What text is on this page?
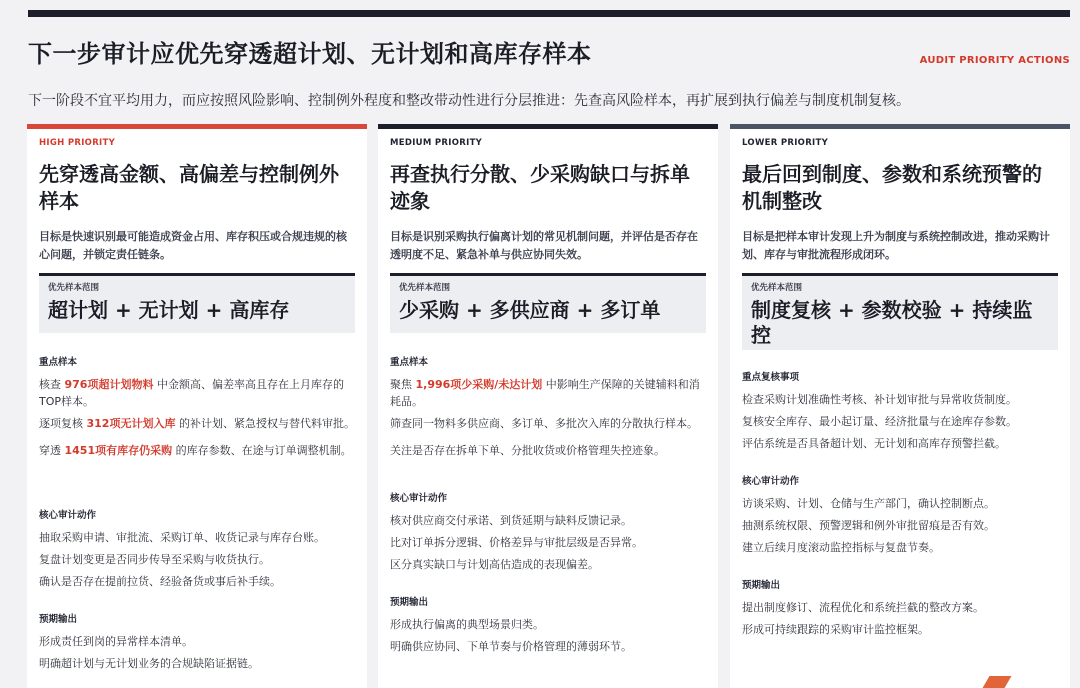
下一步审计应优先穿透超计划、无计划和高库存样本	AUDIT PRIORITY ACTIONS
下一阶段不宜平均用力，而应按照风险影响、控制例外程度和整改带动性进行分层推进：先查高风险样本，再扩展到执行偏差与制度机制复核。
HIGH PRIORITY
先穿透高金额、高偏差与控制例外样本
目标是快速识别最可能造成资金占用、库存积压或合规违规的核心问题，并锁定责任链条。
优先样本范围
超计划 + 无计划 + 高库存
重点样本
核查 976项超计划物料 中金额高、偏差率高且存在上月库存的TOP样本。
逐项复核 312项无计划入库 的补计划、紧急授权与替代料审批。
穿透 1451项有库存仍采购 的库存参数、在途与订单调整机制。
核心审计动作
抽取采购申请、审批流、采购订单、收货记录与库存台账。
复盘计划变更是否同步传导至采购与收货执行。
确认是否存在提前拉货、经验备货或事后补手续。
预期输出
形成责任到岗的异常样本清单。
明确超计划与无计划业务的合规缺陷证据链。
MEDIUM PRIORITY
再查执行分散、少采购缺口与拆单迹象
目标是识别采购执行偏离计划的常见机制问题，并评估是否存在透明度不足、紧急补单与供应协同失效。
优先样本范围
少采购 + 多供应商 + 多订单
重点样本
聚焦 1,996项少采购/未达计划 中影响生产保障的关键辅料和消耗品。
筛查同一物料多供应商、多订单、多批次入库的分散执行样本。
关注是否存在拆单下单、分批收货或价格管理失控迹象。
核心审计动作
核对供应商交付承诺、到货延期与缺料反馈记录。
比对订单拆分逻辑、价格差异与审批层级是否异常。
区分真实缺口与计划高估造成的表现偏差。
预期输出
形成执行偏离的典型场景归类。
明确供应协同、下单节奏与价格管理的薄弱环节。
LOWER PRIORITY
最后回到制度、参数和系统预警的机制整改
目标是把样本审计发现上升为制度与系统控制改进，推动采购计划、库存与审批流程形成闭环。
优先样本范围
制度复核 + 参数校验 + 持续监控
重点复核事项
检查采购计划准确性考核、补计划审批与异常收货制度。
复核安全库存、最小起订量、经济批量与在途库存参数。
评估系统是否具备超计划、无计划和高库存预警拦截。
核心审计动作
访谈采购、计划、仓储与生产部门，确认控制断点。
抽测系统权限、预警逻辑和例外审批留痕是否有效。
建立后续月度滚动监控指标与复盘节奏。
预期输出
提出制度修订、流程优化和系统拦截的整改方案。
形成可持续跟踪的采购审计监控框架。
